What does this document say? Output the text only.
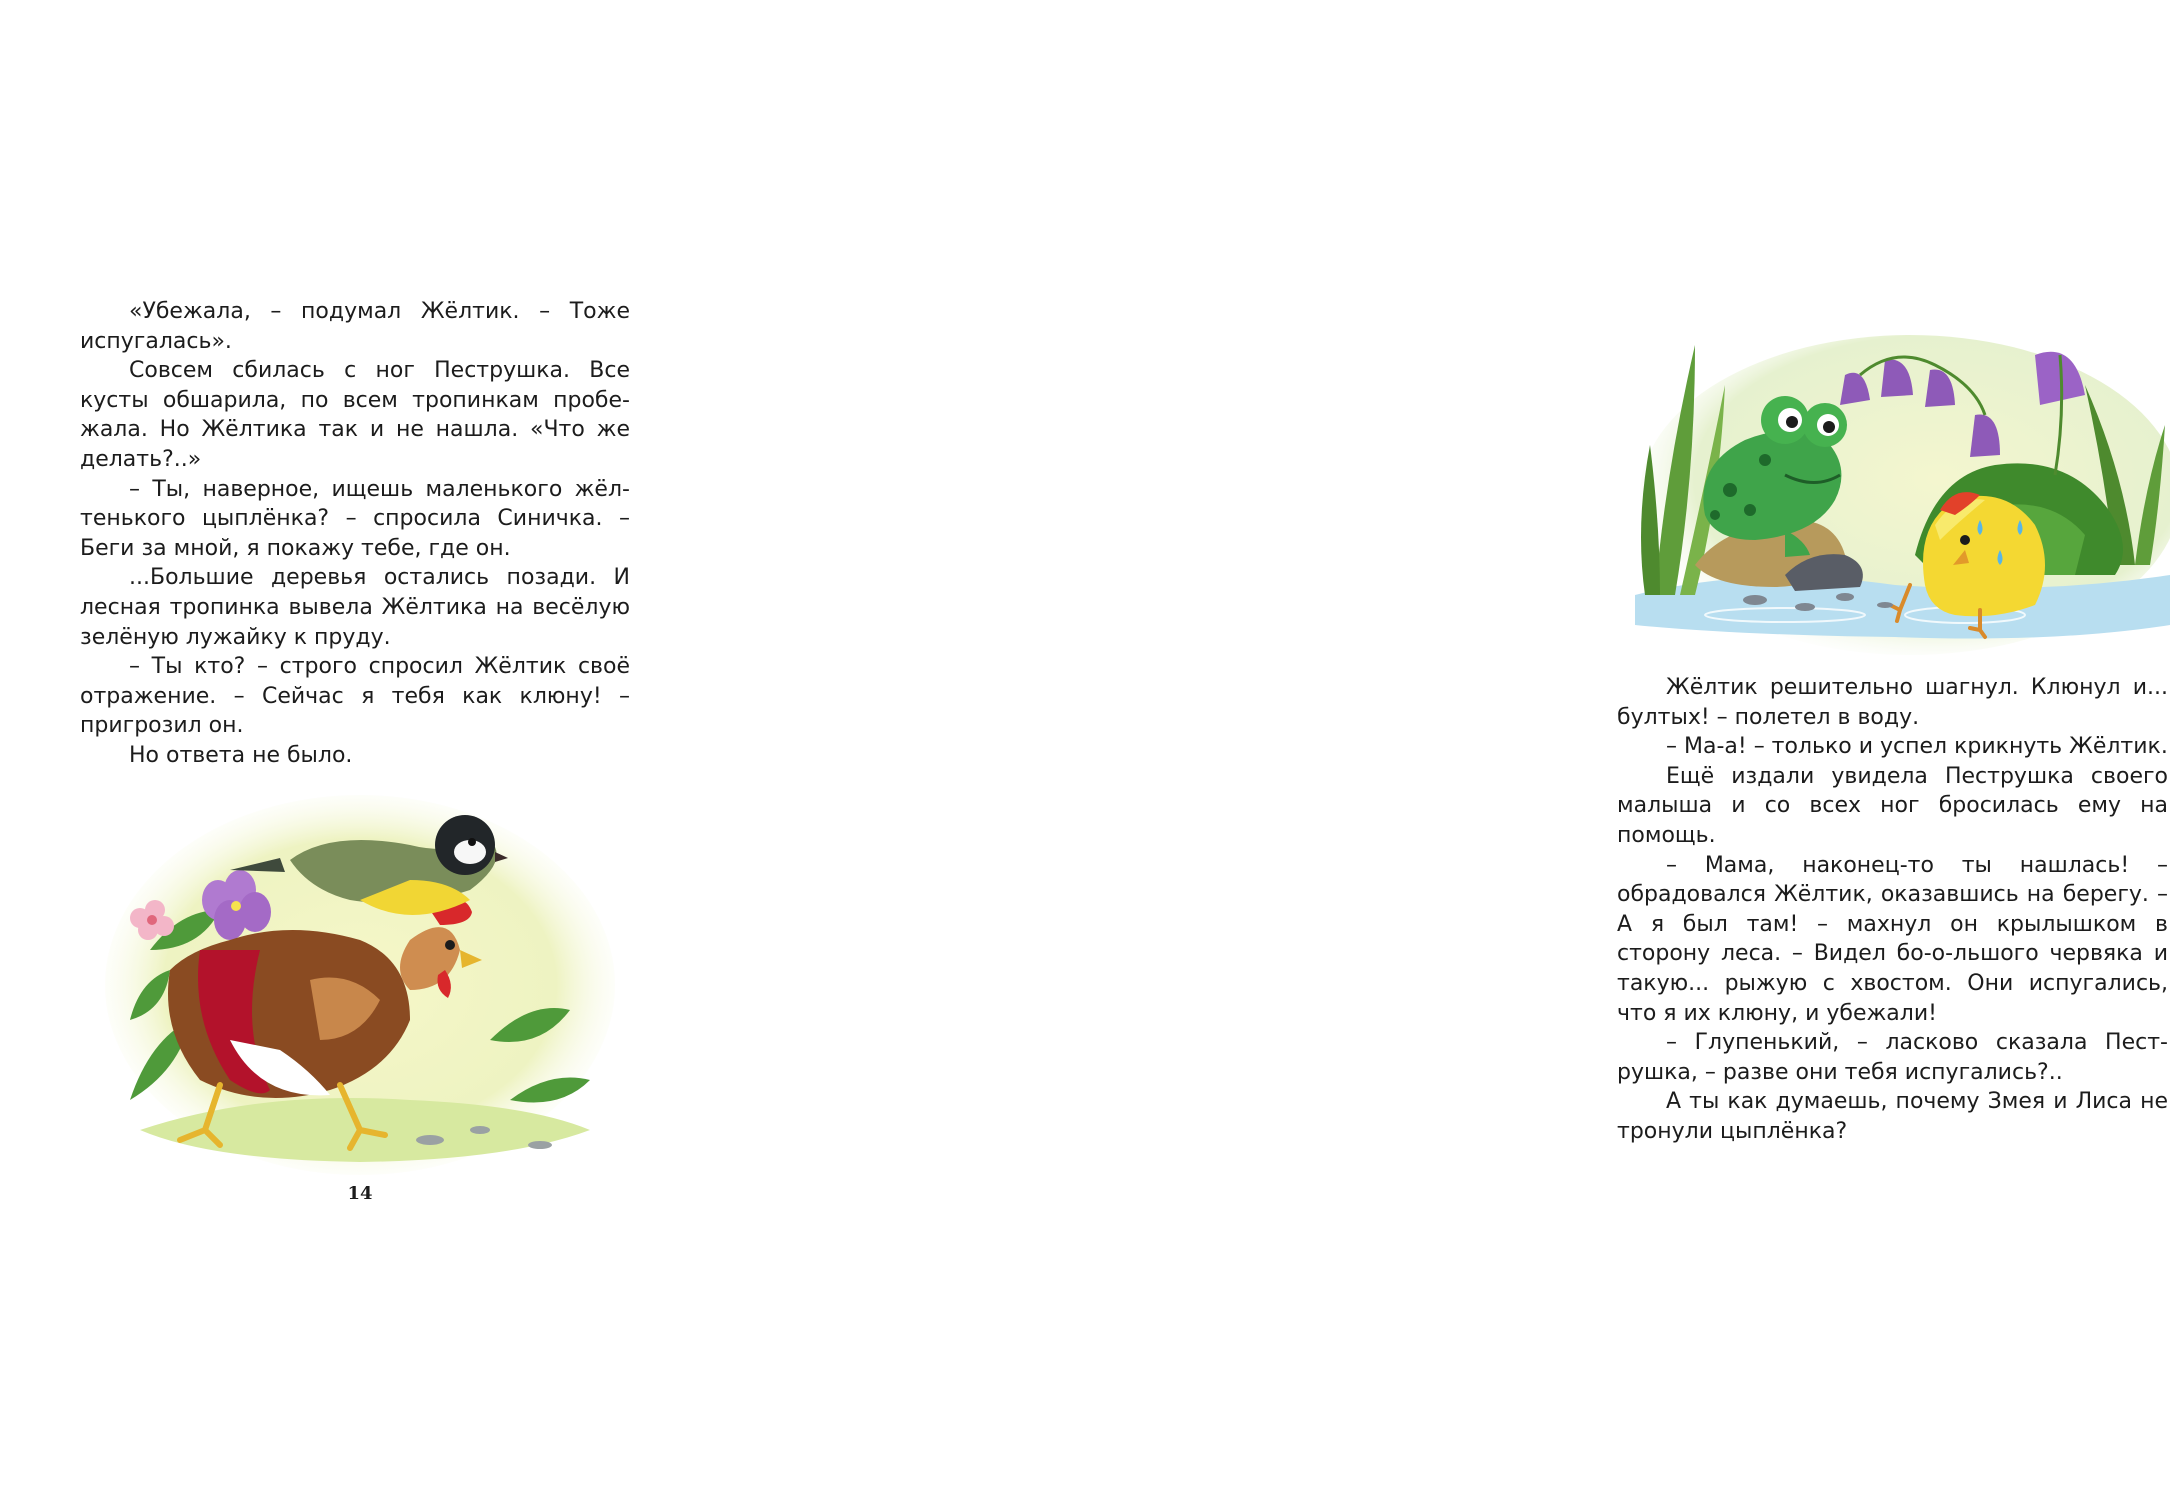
«Убежала, – подумал Жёлтик. – Тоже испугалась».

Совсем сбилась с ног Пеструшка. Все кусты обшарила, по всем тропинкам пробежала. Но Жёлтика так и не нашла. «Что же делать?..»

– Ты, наверное, ищешь маленького жёлтенького цыплёнка? – спросила Синичка. – Беги за мной, я покажу тебе, где он.

...Большие деревья остались позади. И лесная тропинка вывела Жёлтика на весёлую зелёную лужайку к пруду.

– Ты кто? – строго спросил Жёлтик своё отражение. – Сейчас я тебя как клюну! – пригрозил он.

Но ответа не было.

14

Жёлтик решительно шагнул. Клюнул и... бултых! – полетел в воду.

– Ма-а! – только и успел крикнуть Жёлтик.

Ещё издали увидела Пеструшка своего малыша и со всех ног бросилась ему на помощь.

– Мама, наконец-то ты нашлась! – обрадовался Жёлтик, оказавшись на берегу. – А я был там! – махнул он крылышком в сторону леса. – Видел бо-о-льшого червяка и такую... рыжую с хвостом. Они испугались, что я их клюну, и убежали!

– Глупенький, – ласково сказала Пеструшка, – разве они тебя испугались?..

А ты как думаешь, почему Змея и Лиса не тронули цыплёнка?
